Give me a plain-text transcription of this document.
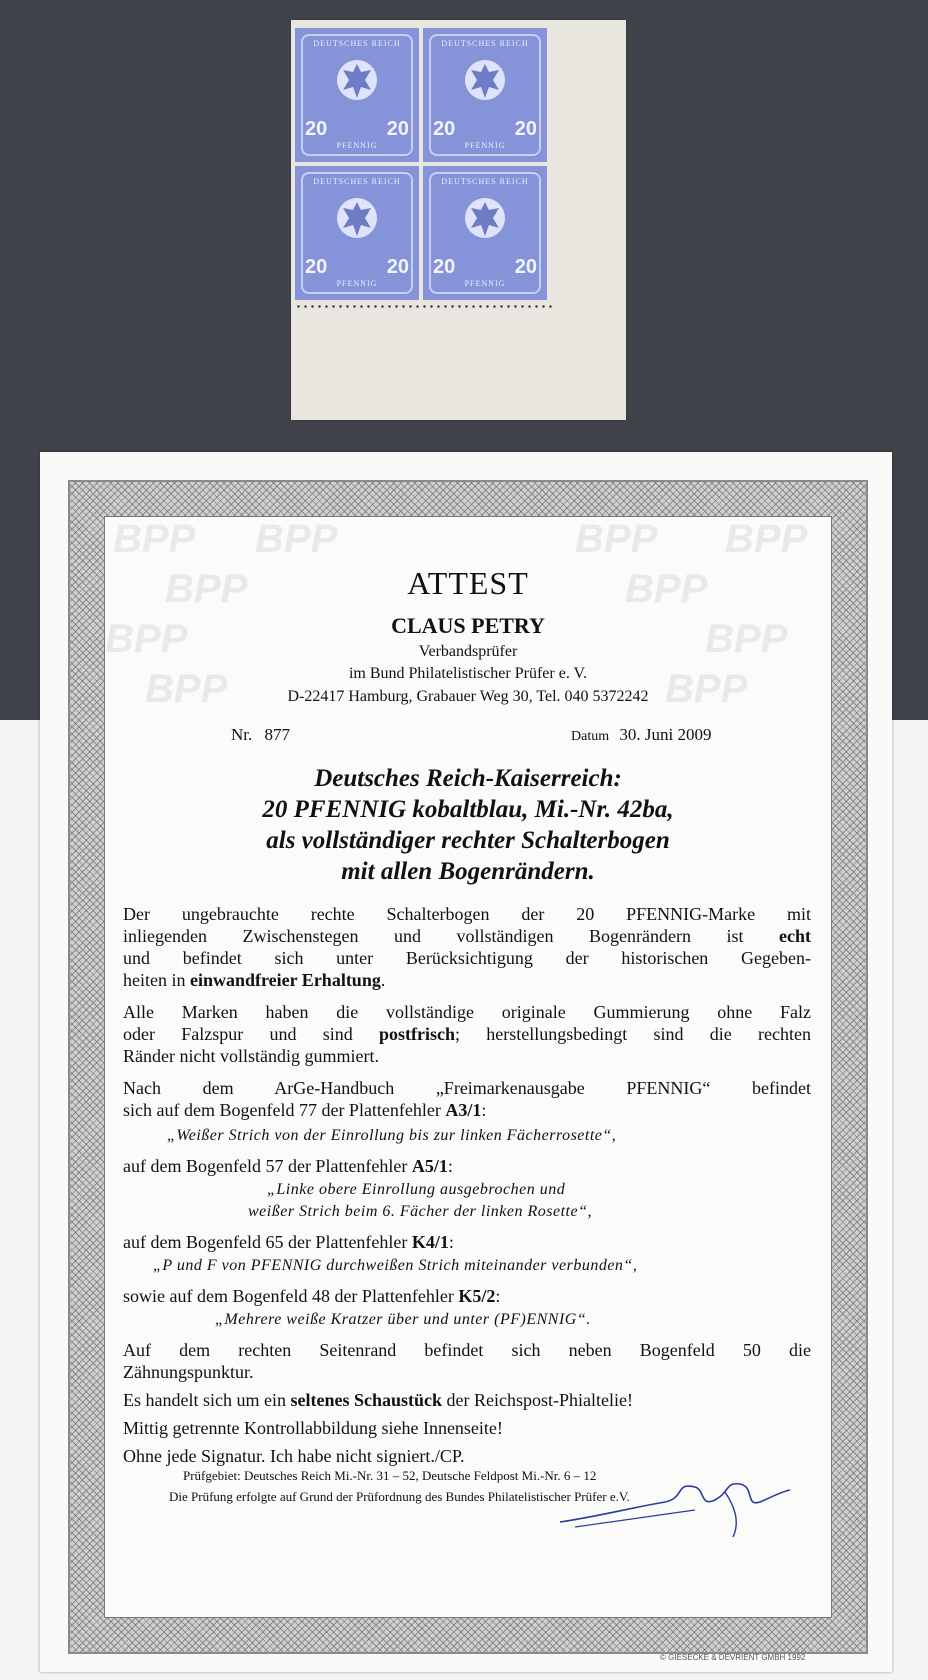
DEUTSCHES REICH
20	20
PFENNIG
DEUTSCHES REICH
20	20
PFENNIG
DEUTSCHES REICH
20	20
PFENNIG
DEUTSCHES REICH
20	20
PFENNIG
BPP BPP	BPP BPP
BPP	BPP
BPP	BPP
BPP	BPP
ATTEST
CLAUS PETRY
Verbandsprüfer
im Bund Philatelistischer Prüfer e. V.
D-22417 Hamburg, Grabauer Weg 30, Tel. 040 5372242
Nr. 877	Datum 30. Juni 2009
Deutsches Reich-Kaiserreich:
20 PFENNIG kobaltblau, Mi.-Nr. 42ba,
als vollständiger rechter Schalterbogen
mit allen Bogenrändern.
Der ungebrauchte rechte Schalterbogen der 20 PFENNIG-Marke mit
inliegenden Zwischenstegen und vollständigen Bogenrändern ist echt
und befindet sich unter Berücksichtigung der historischen Gegeben-
heiten in einwandfreier Erhaltung.
Alle Marken haben die vollständige originale Gummierung ohne Falz
oder Falzspur und sind postfrisch; herstellungsbedingt sind die rechten
Ränder nicht vollständig gummiert.
Nach dem ArGe-Handbuch „Freimarkenausgabe PFENNIG“ befindet
sich auf dem Bogenfeld 77 der Plattenfehler A3/1:
„Weißer Strich von der Einrollung bis zur linken Fächerrosette“,
auf dem Bogenfeld 57 der Plattenfehler A5/1:
„Linke obere Einrollung ausgebrochen und
weißer Strich beim 6. Fächer der linken Rosette“,
auf dem Bogenfeld 65 der Plattenfehler K4/1:
„P und F von PFENNIG durchweißen Strich miteinander verbunden“,
sowie auf dem Bogenfeld 48 der Plattenfehler K5/2:
„Mehrere weiße Kratzer über und unter (PF)ENNIG“.
Auf dem rechten Seitenrand befindet sich neben Bogenfeld 50 die
Zähnungspunktur.
Es handelt sich um ein seltenes Schaustück der Reichspost-Phialtelie!
Mittig getrennte Kontrollabbildung siehe Innenseite!
Ohne jede Signatur. Ich habe nicht signiert./CP.
Prüfgebiet: Deutsches Reich Mi.-Nr. 31 – 52, Deutsche Feldpost Mi.-Nr. 6 – 12
Die Prüfung erfolgte auf Grund der Prüfordnung des Bundes Philatelistischer Prüfer e.V.
© GIESECKE & DEVRIENT GMBH 1992
